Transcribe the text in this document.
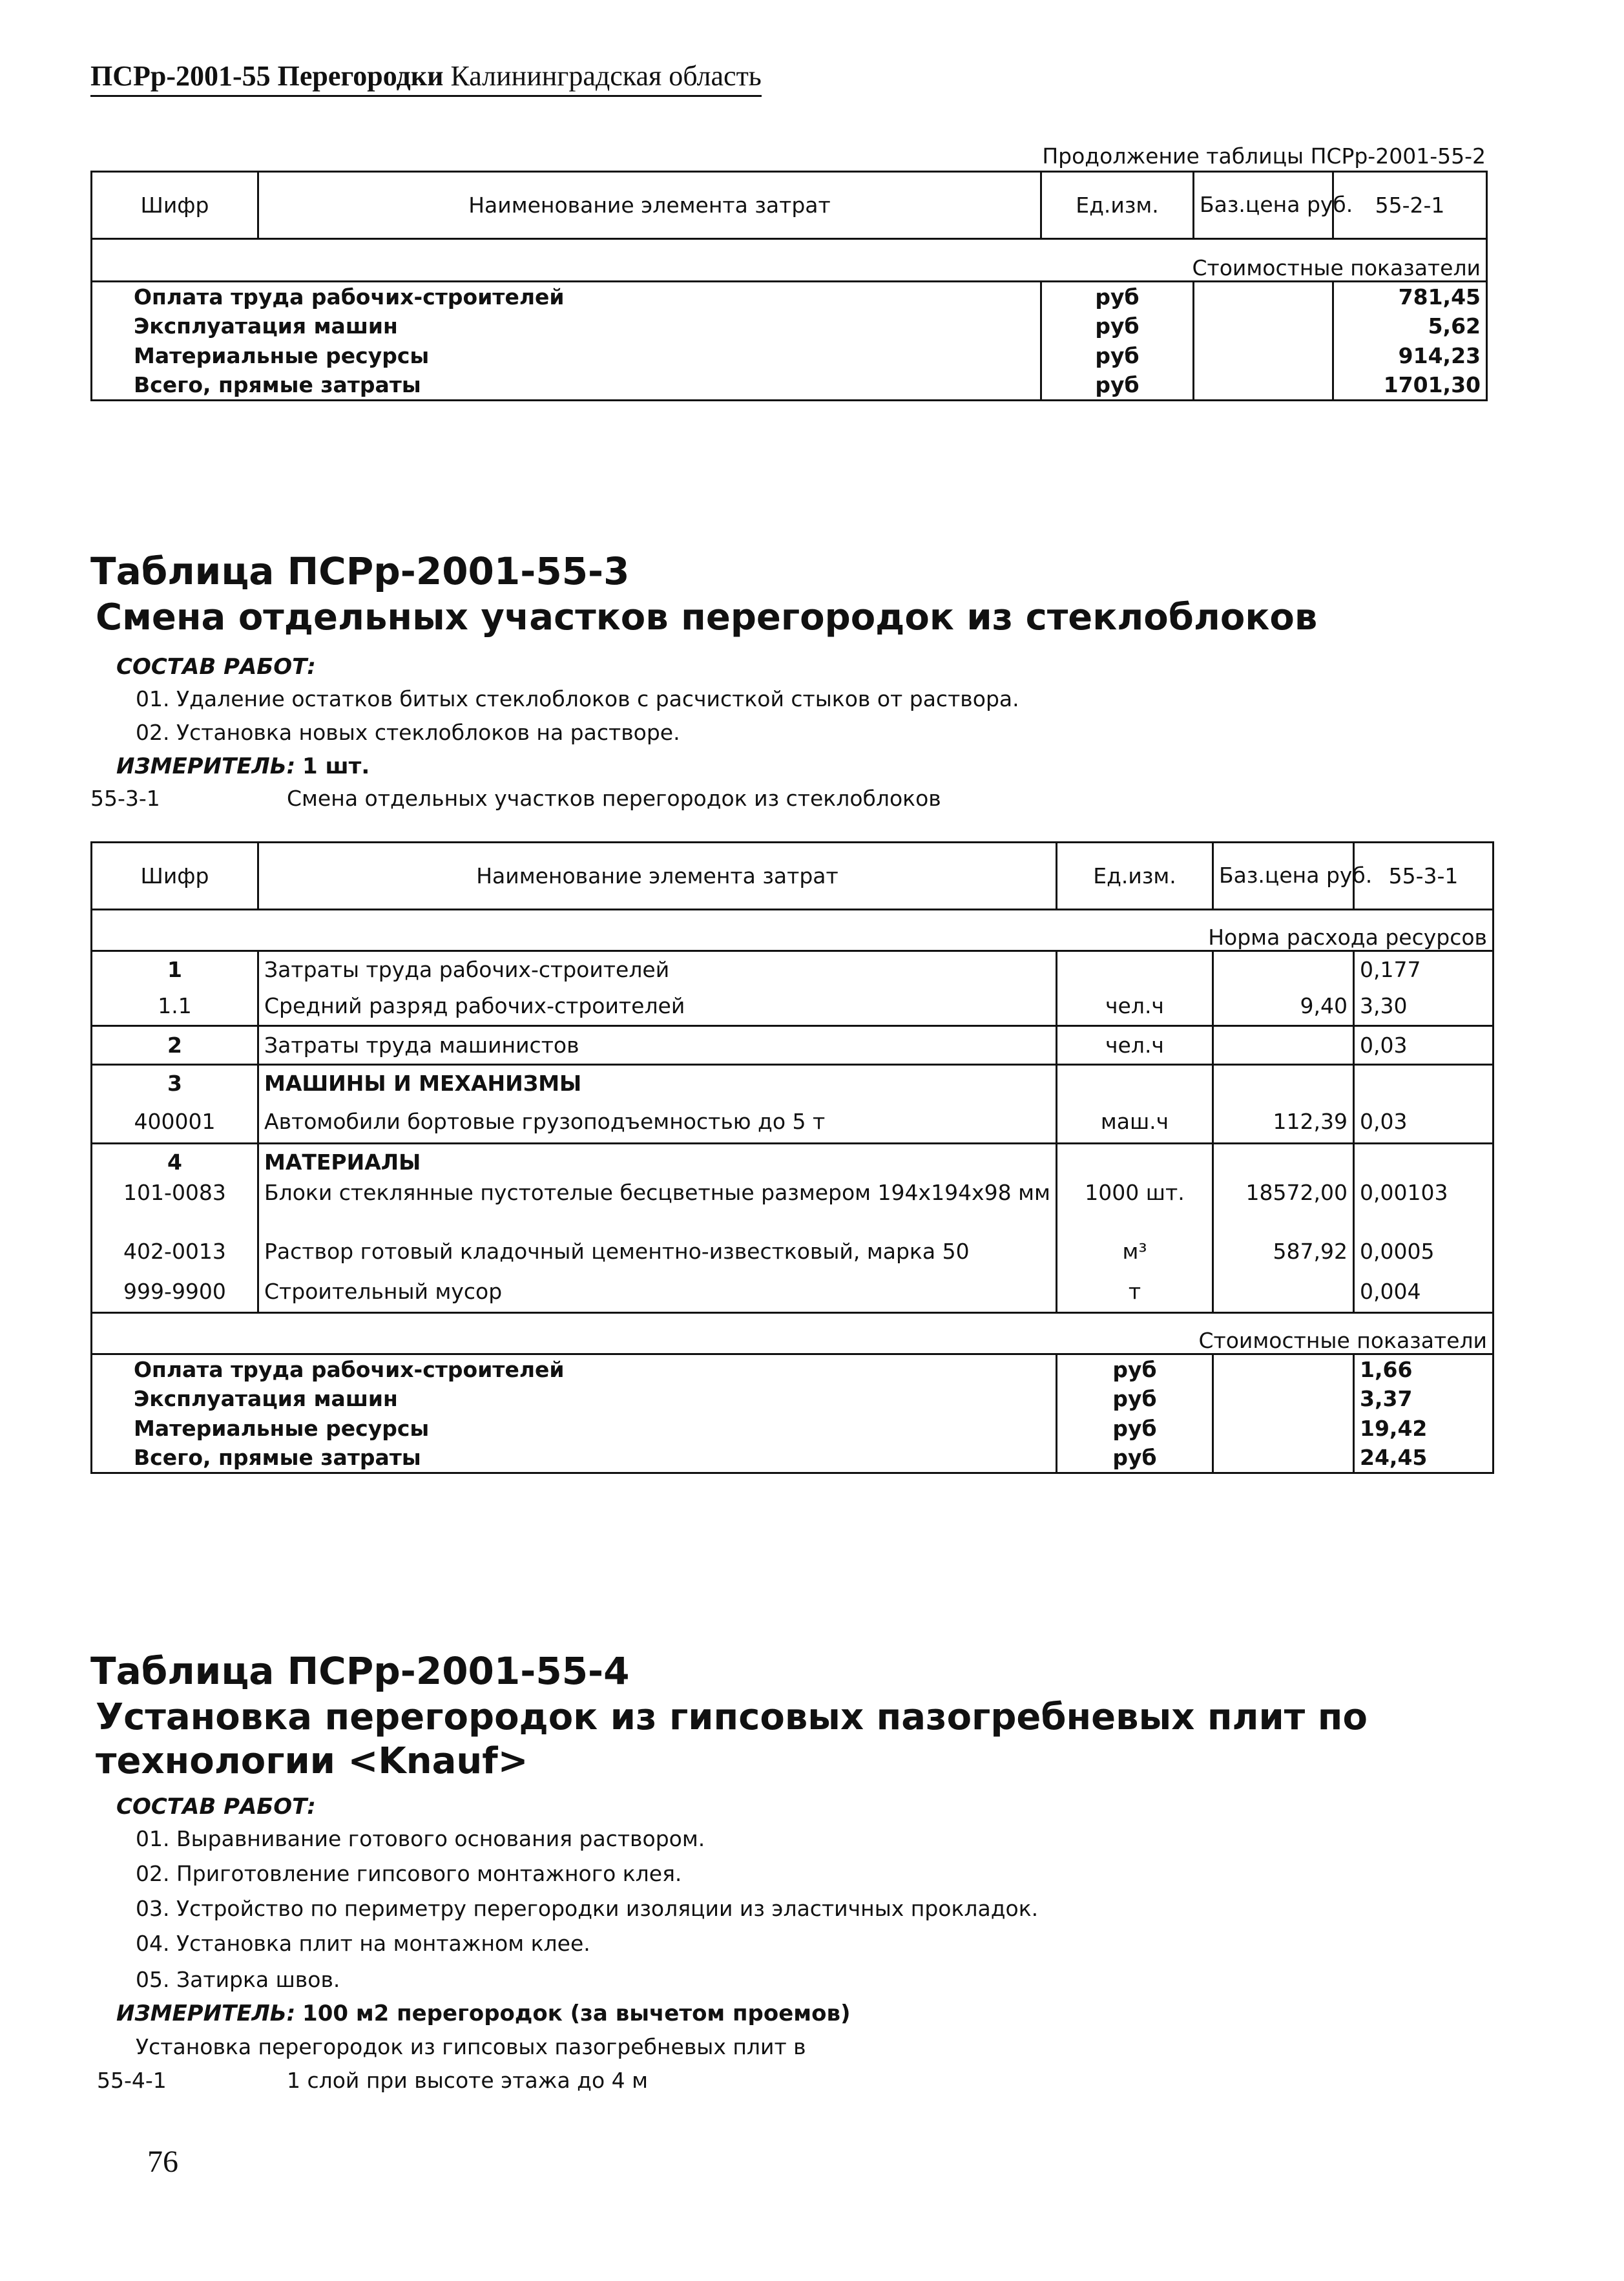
ПСРр-2001-55 Перегородки Калининградская область
Продолжение таблицы ПСРр-2001-55-2
Шифр	Наименование элемента затрат	Ед.изм.	Баз.цена руб.	55-2-1
Стоимостные показатели				
Оплата труда рабочих-строителей		руб		781,45
Эксплуатация машин		руб		5,62
Материальные ресурсы		руб		914,23
Всего, прямые затраты		руб		1701,30
Таблица ПСРр-2001-55-3
Смена отдельных участков перегородок из стеклоблоков
СОСТАВ РАБОТ:
01. Удаление остатков битых стеклоблоков с расчисткой стыков от раствора.
02. Установка новых стеклоблоков на растворе.
ИЗМЕРИТЕЛЬ: 1 шт.
55-3-1	Смена отдельных участков перегородок из стеклоблоков
Шифр	Наименование элемента затрат	Ед.изм.	Баз.цена руб.	55-3-1
Норма расхода ресурсов				
1	Затраты труда рабочих-строителей			0,177
1.1	Средний разряд рабочих-строителей	чел.ч	9,40	3,30
2	Затраты труда машинистов	чел.ч		0,03
3	МАШИНЫ И МЕХАНИЗМЫ			
400001	Автомобили бортовые грузоподъемностью до 5 т	маш.ч	112,39	0,03
4	МАТЕРИАЛЫ			
101-0083	Блоки стеклянные пустотелые бесцветные размером 194х194х98 мм	1000 шт.	18572,00	0,00103
402-0013	Раствор готовый кладочный цементно-известковый, марка 50	м³	587,92	0,0005
999-9900	Строительный мусор	т		0,004
Стоимостные показатели				
Оплата труда рабочих-строителей		руб		1,66
Эксплуатация машин		руб		3,37
Материальные ресурсы		руб		19,42
Всего, прямые затраты		руб		24,45
Таблица ПСРр-2001-55-4
Установка перегородок из гипсовых пазогребневых плит по
технологии <Knauf>
СОСТАВ РАБОТ:
01. Выравнивание готового основания раствором.
02. Приготовление гипсового монтажного клея.
03. Устройство по периметру перегородки изоляции из эластичных прокладок.
04. Установка плит на монтажном клее.
05. Затирка швов.
ИЗМЕРИТЕЛЬ: 100 м2 перегородок (за вычетом проемов)
Установка перегородок из гипсовых пазогребневых плит в
55-4-1	1 слой при высоте этажа до 4 м
76
